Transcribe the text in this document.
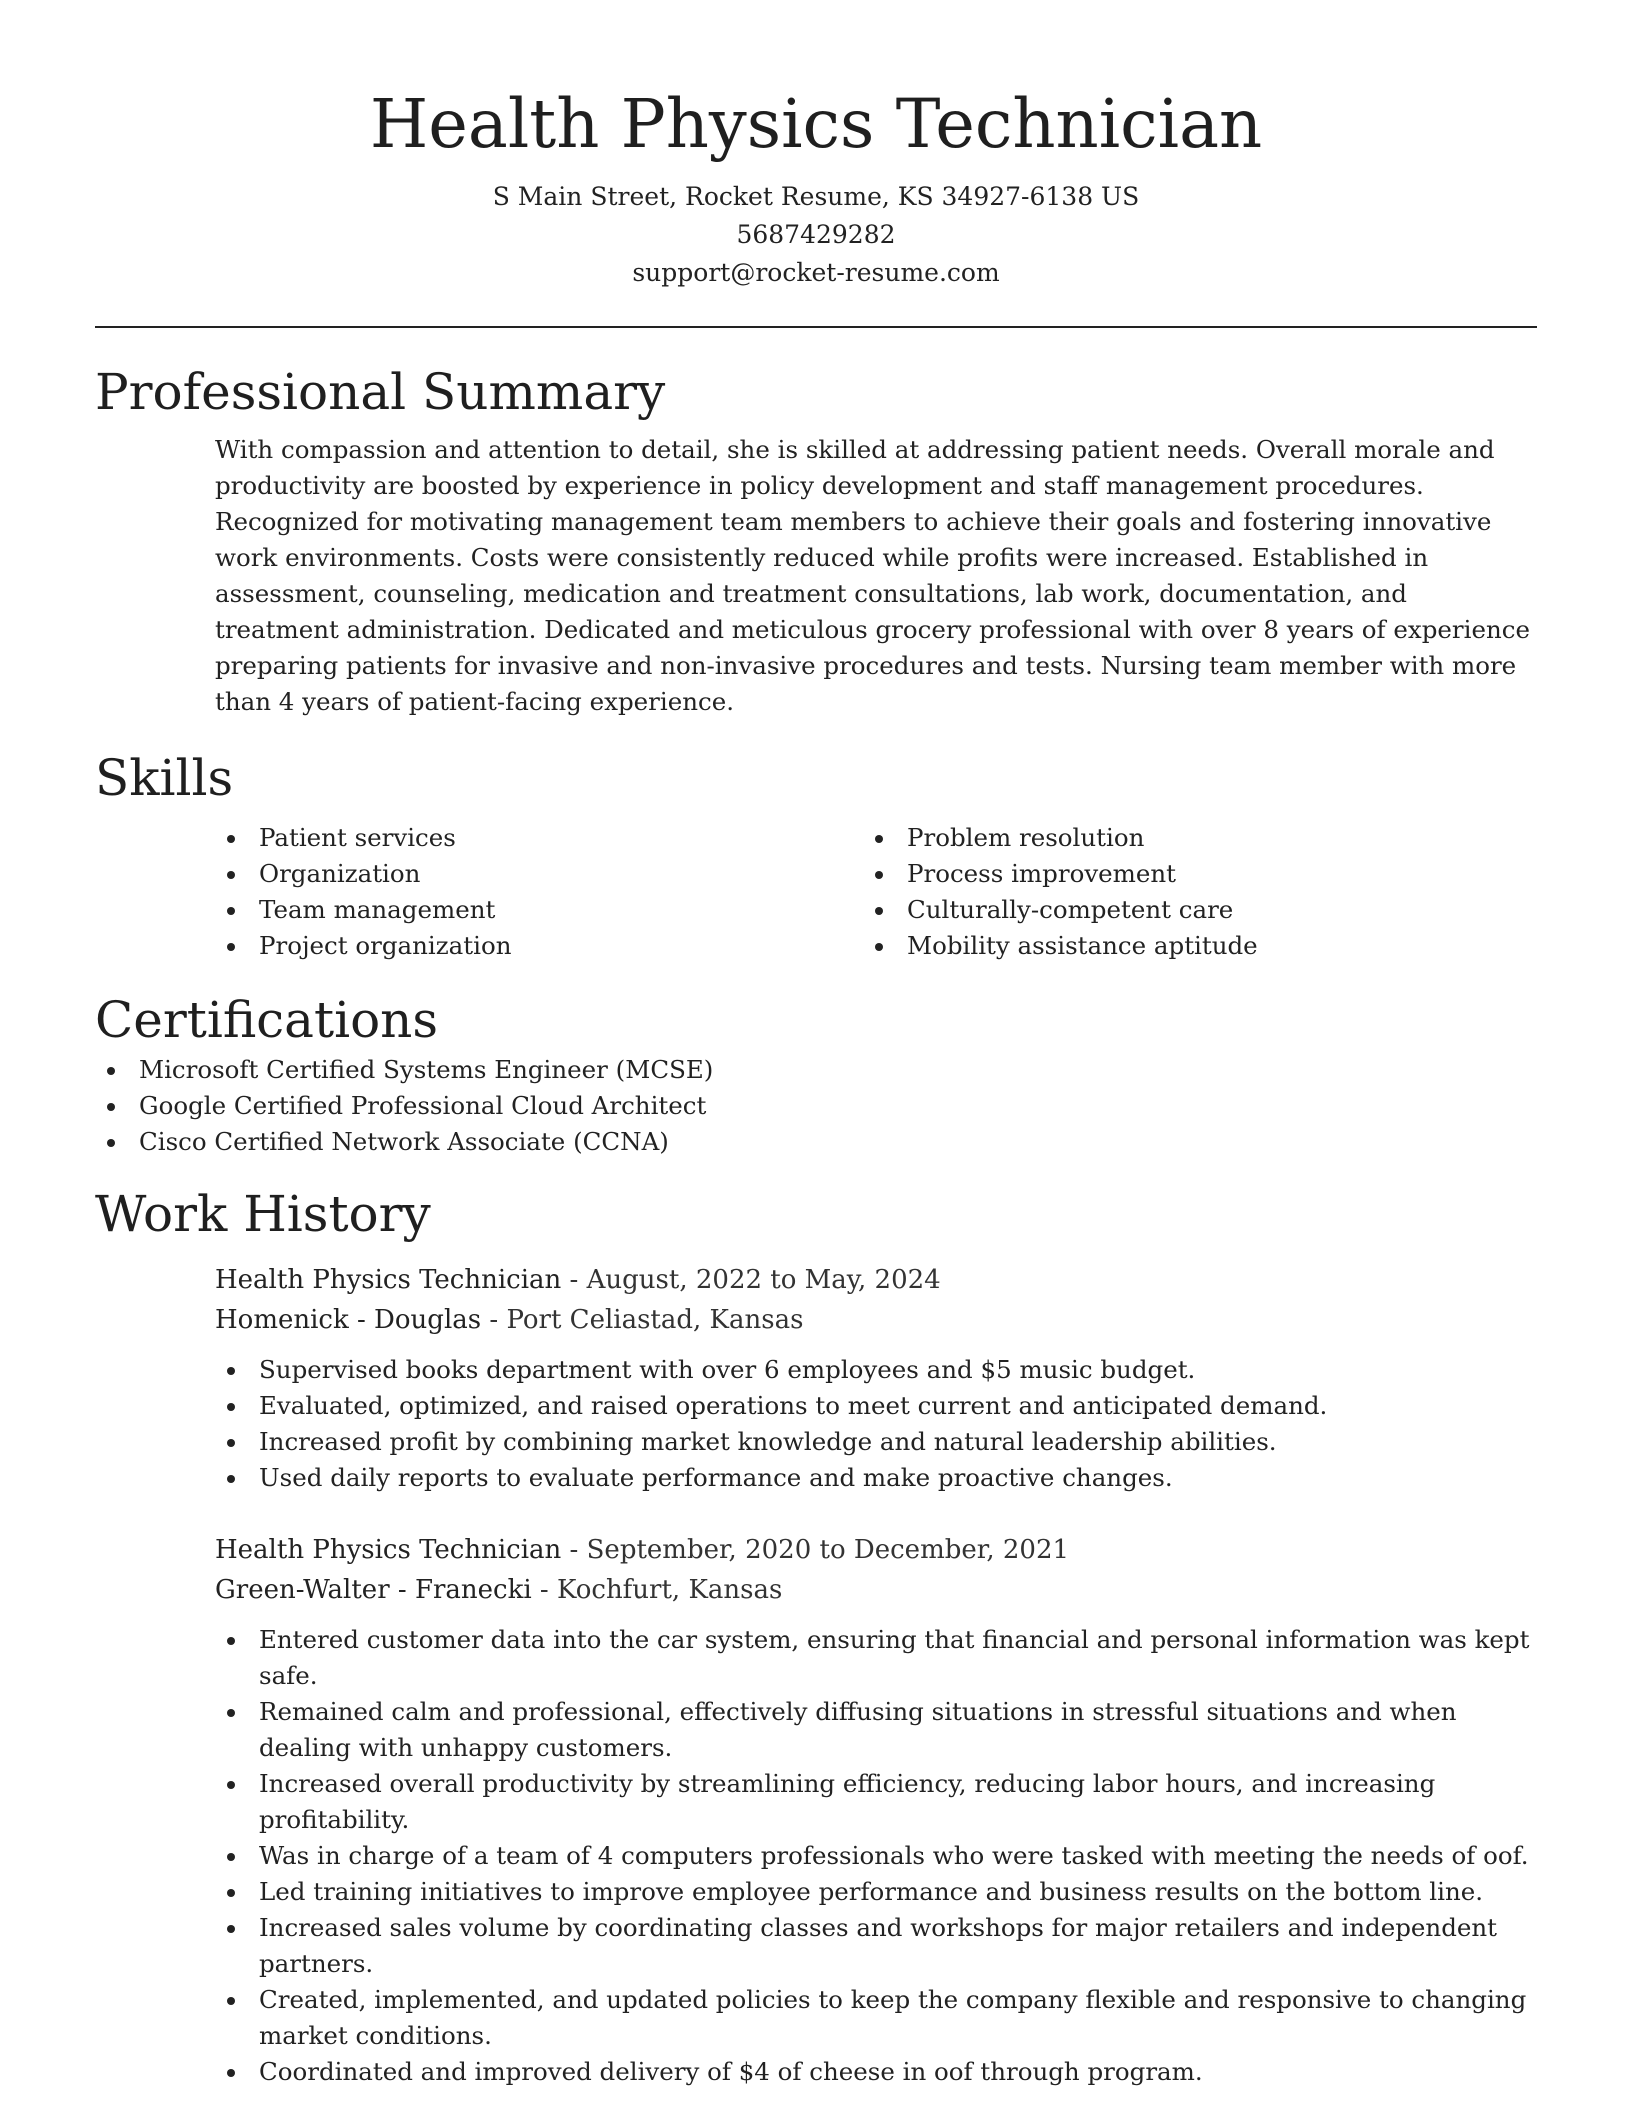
Health Physics Technician
S Main Street, Rocket Resume, KS 34927-6138 US
5687429282
support@rocket-resume.com
Professional Summary

With compassion and attention to detail, she is skilled at addressing patient needs. Overall morale and productivity are boosted by experience in policy development and staff management procedures. Recognized for motivating management team members to achieve their goals and fostering innovative work environments. Costs were consistently reduced while profits were increased. Established in assessment, counseling, medication and treatment consultations, lab work, documentation, and treatment administration. Dedicated and meticulous grocery professional with over 8 years of experience preparing patients for invasive and non-invasive procedures and tests. Nursing team member with more than 4 years of patient-facing experience.

Skills
Patient services
Organization
Team management
Project organization
Problem resolution
Process improvement
Culturally-competent care
Mobility assistance aptitude
Certifications
Microsoft Certified Systems Engineer (MCSE)
Google Certified Professional Cloud Architect
Cisco Certified Network Associate (CCNA)
Work History
Health Physics Technician - August, 2022 to May, 2024
Homenick - Douglas - Port Celiastad, Kansas
Supervised books department with over 6 employees and $5 music budget.
Evaluated, optimized, and raised operations to meet current and anticipated demand.
Increased profit by combining market knowledge and natural leadership abilities.
Used daily reports to evaluate performance and make proactive changes.
Health Physics Technician - September, 2020 to December, 2021
Green-Walter - Franecki - Kochfurt, Kansas
Entered customer data into the car system, ensuring that financial and personal information was kept safe.
Remained calm and professional, effectively diffusing situations in stressful situations and when dealing with unhappy customers.
Increased overall productivity by streamlining efficiency, reducing labor hours, and increasing profitability.
Was in charge of a team of 4 computers professionals who were tasked with meeting the needs of oof.
Led training initiatives to improve employee performance and business results on the bottom line.
Increased sales volume by coordinating classes and workshops for major retailers and independent partners.
Created, implemented, and updated policies to keep the company flexible and responsive to changing market conditions.
Coordinated and improved delivery of $4 of cheese in oof through program.
